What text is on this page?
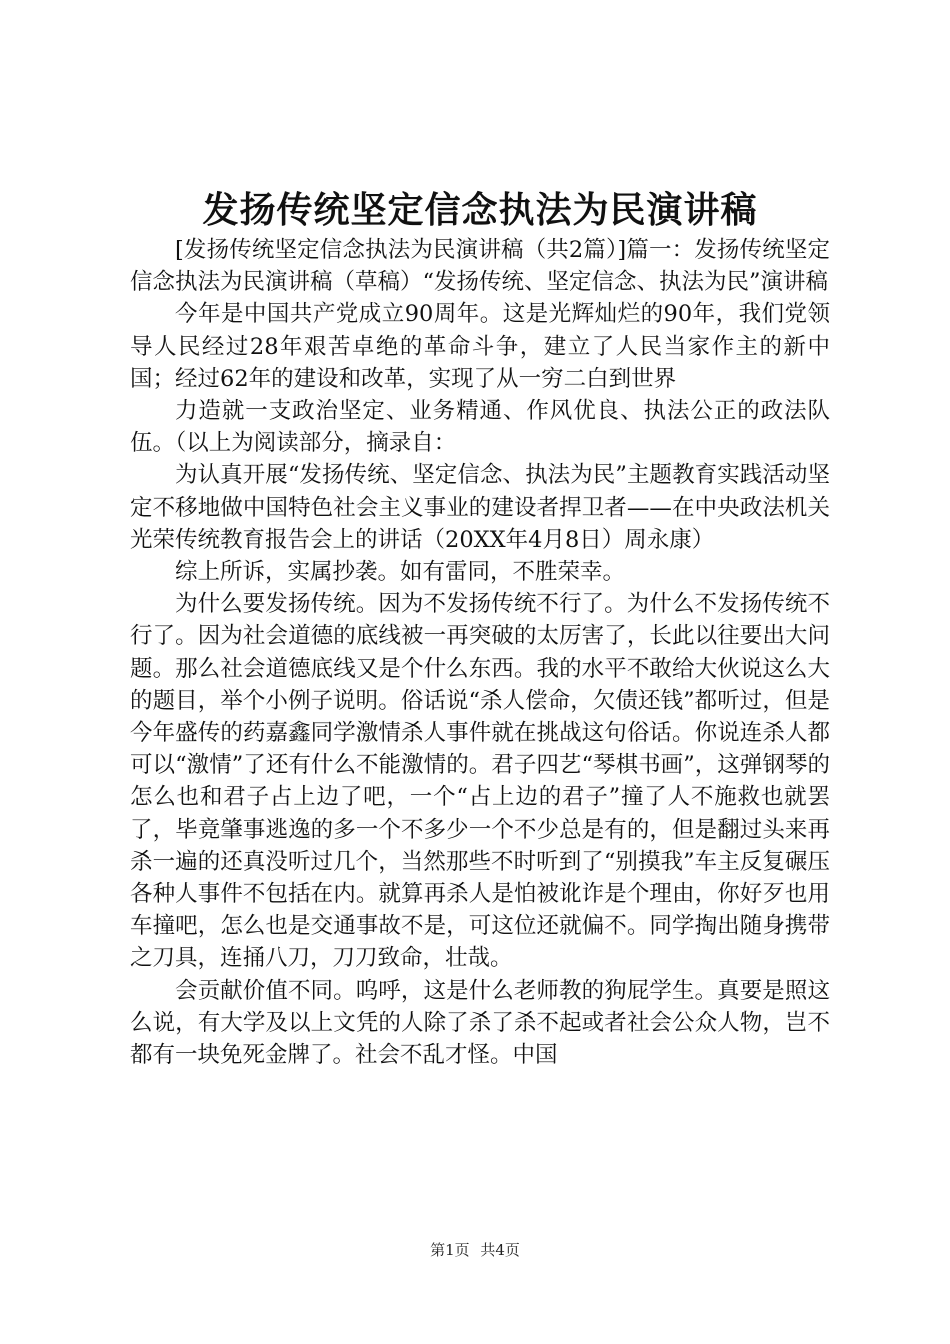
发扬传统坚定信念执法为民演讲稿

[发扬传统坚定信念执法为民演讲稿（共2篇）]篇一：发扬传统坚定信念执法为民演讲稿（草稿）“发扬传统、坚定信念、执法为民”演讲稿

今年是中国共产党成立90周年。这是光辉灿烂的90年，我们党领导人民经过28年艰苦卓绝的革命斗争，建立了人民当家作主的新中国；经过62年的建设和改革，实现了从一穷二白到世界

力造就一支政治坚定、业务精通、作风优良、执法公正的政法队伍。（以上为阅读部分，摘录自：

为认真开展“发扬传统、坚定信念、执法为民”主题教育实践活动坚定不移地做中国特色社会主义事业的建设者捍卫者——在中央政法机关光荣传统教育报告会上的讲话（20XX年4月8日）周永康）

综上所诉，实属抄袭。如有雷同，不胜荣幸。

为什么要发扬传统。因为不发扬传统不行了。为什么不发扬传统不行了。因为社会道德的底线被一再突破的太厉害了，长此以往要出大问题。那么社会道德底线又是个什么东西。我的水平不敢给大伙说这么大的题目，举个小例子说明。俗话说“杀人偿命，欠债还钱”都听过，但是今年盛传的药嘉鑫同学激情杀人事件就在挑战这句俗话。你说连杀人都可以“激情”了还有什么不能激情的。君子四艺“琴棋书画”，这弹钢琴的怎么也和君子占上边了吧，一个“占上边的君子”撞了人不施救也就罢了，毕竟肇事逃逸的多一个不多少一个不少总是有的，但是翻过头来再杀一遍的还真没听过几个，当然那些不时听到了“别摸我”车主反复碾压各种人事件不包括在内。就算再杀人是怕被讹诈是个理由，你好歹也用车撞吧，怎么也是交通事故不是，可这位还就偏不。同学掏出随身携带之刀具，连捅八刀，刀刀致命，壮哉。

会贡献价值不同。呜呼，这是什么老师教的狗屁学生。真要是照这么说，有大学及以上文凭的人除了杀了杀不起或者社会公众人物，岂不都有一块免死金牌了。社会不乱才怪。中国

第1页 共4页
